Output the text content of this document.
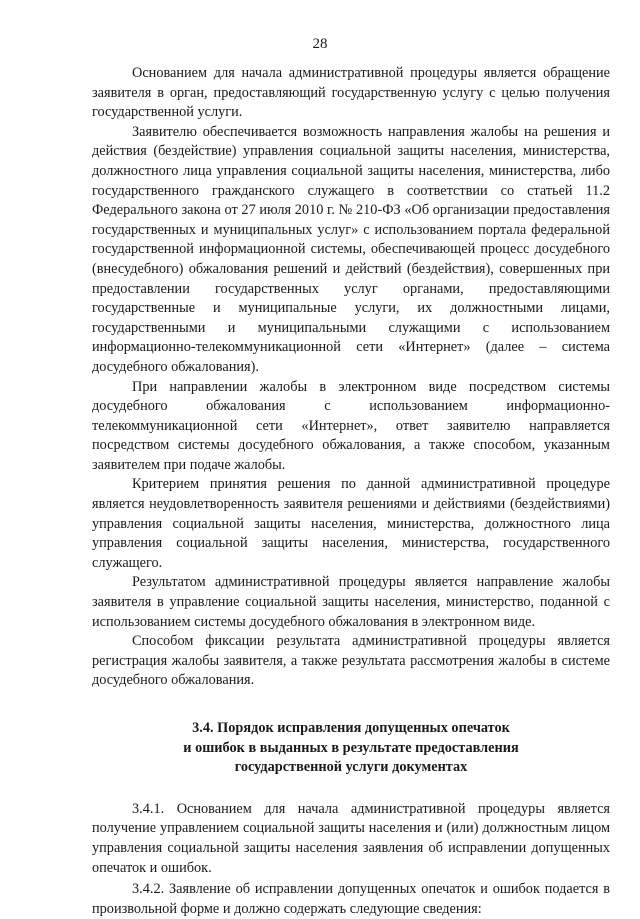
28

Основанием для начала административной процедуры является обращение заявителя в орган, предоставляющий государственную услугу с целью получения государственной услуги.

Заявителю обеспечивается возможность направления жалобы на решения и действия (бездействие) управления социальной защиты населения, министерства, должностного лица управления социальной защиты населения, министерства, либо государственного гражданского служащего в соответствии со статьей 11.2 Федерального закона от 27 июля 2010 г. № 210-ФЗ «Об организации предоставления государственных и муниципальных услуг» с использованием портала федеральной государственной информационной системы, обеспечивающей процесс досудебного (внесудебного) обжалования решений и действий (бездействия), совершенных при предоставлении государственных услуг органами, предоставляющими государственные и муниципальные услуги, их должностными лицами, государственными и муниципальными служащими с использованием информационно-телекоммуникационной сети «Интернет» (далее – система досудебного обжалования).

При направлении жалобы в электронном виде посредством системы досудебного обжалования с использованием информационно-телекоммуникационной сети «Интернет», ответ заявителю направляется посредством системы досудебного обжалования, а также способом, указанным заявителем при подаче жалобы.

Критерием принятия решения по данной административной процедуре является неудовлетворенность заявителя решениями и действиями (бездействиями) управления социальной защиты населения, министерства, должностного лица управления социальной защиты населения, министерства, государственного служащего.

Результатом административной процедуры является направление жалобы заявителя в управление социальной защиты населения, министерство, поданной с использованием системы досудебного обжалования в электронном виде.

Способом фиксации результата административной процедуры является регистрация жалобы заявителя, а также результата рассмотрения жалобы в системе досудебного обжалования.

3.4. Порядок исправления допущенных опечаток
и ошибок в выданных в результате предоставления
государственной услуги документах

3.4.1. Основанием для начала административной процедуры является получение управлением социальной защиты населения и (или) должностным лицом управления социальной защиты населения заявления об исправлении допущенных опечаток и ошибок.

3.4.2. Заявление об исправлении допущенных опечаток и ошибок подается в произвольной форме и должно содержать следующие сведения:
